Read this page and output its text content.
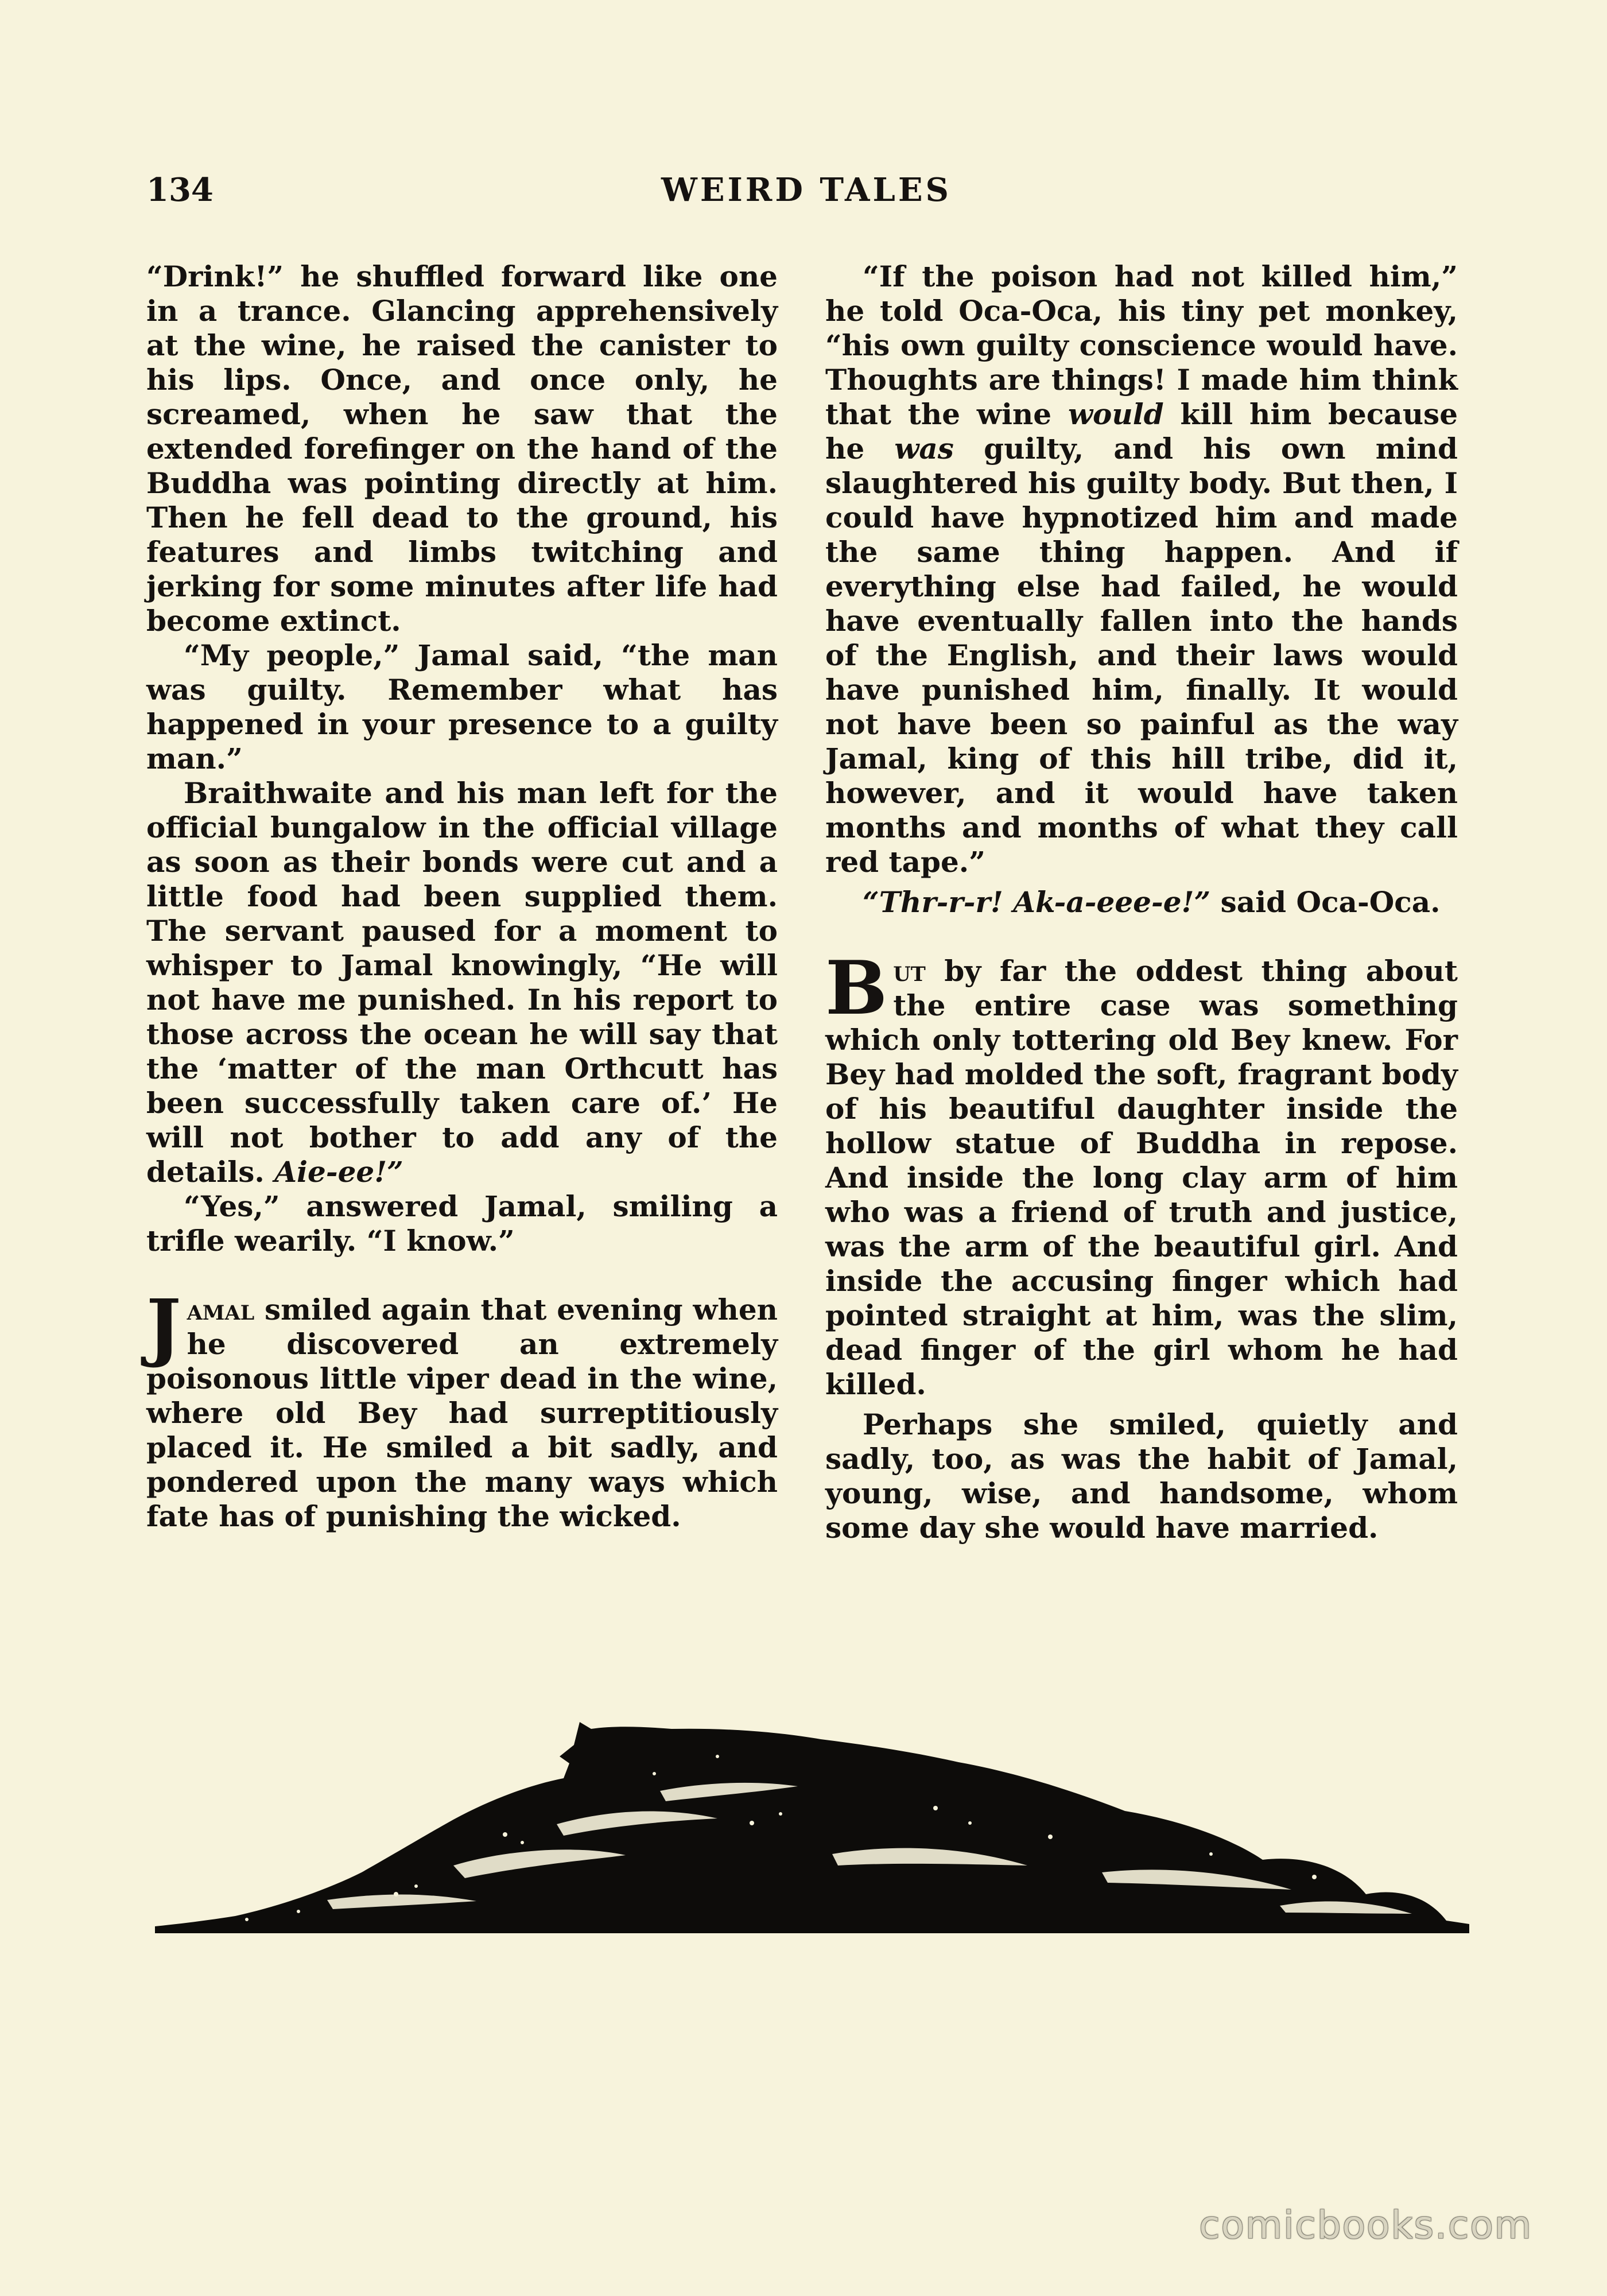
134	WEIRD TALES

“Drink!” he shuffled forward like one in a trance. Glancing apprehensively at the wine, he raised the canister to his lips. Once, and once only, he screamed, when he saw that the extended forefinger on the hand of the Buddha was pointing directly at him. Then he fell dead to the ground, his features and limbs twitching and jerking for some minutes after life had become extinct.

“My people,” Jamal said, “the man was guilty. Remember what has happened in your presence to a guilty man.”

Braithwaite and his man left for the official bungalow in the official village as soon as their bonds were cut and a little food had been supplied them. The servant paused for a moment to whisper to Jamal knowingly, “He will not have me punished. In his report to those across the ocean he will say that the ‘matter of the man Orthcutt has been successfully taken care of.’ He will not bother to add any of the details. Aie-ee!”

“Yes,” answered Jamal, smiling a trifle wearily. “I know.”

Jamal smiled again that evening when he discovered an extremely poisonous little viper dead in the wine, where old Bey had surreptitiously placed it. He smiled a bit sadly, and pondered upon the many ways which fate has of punishing the wicked.

“If the poison had not killed him,” he told Oca-Oca, his tiny pet monkey, “his own guilty conscience would have. Thoughts are things! I made him think that the wine would kill him because he was guilty, and his own mind slaughtered his guilty body. But then, I could have hypnotized him and made the same thing happen. And if everything else had failed, he would have eventually fallen into the hands of the English, and their laws would have punished him, finally. It would not have been so painful as the way Jamal, king of this hill tribe, did it, however, and it would have taken months and months of what they call red tape.”

“Thr-r-r! Ak-a-eee-e!” said Oca-Oca.

But by far the oddest thing about the entire case was something which only tottering old Bey knew. For Bey had molded the soft, fragrant body of his beautiful daughter inside the hollow statue of Buddha in repose. And inside the long clay arm of him who was a friend of truth and justice, was the arm of the beautiful girl. And inside the accusing finger which had pointed straight at him, was the slim, dead finger of the girl whom he had killed.

Perhaps she smiled, quietly and sadly, too, as was the habit of Jamal, young, wise, and handsome, whom some day she would have married.

comicbooks.com
